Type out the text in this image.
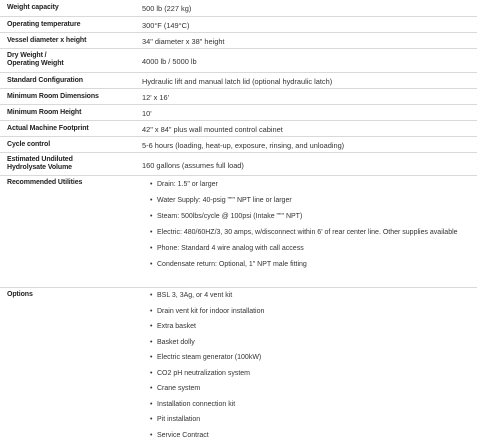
Weight capacity	500 lb (227 kg)
Operating temperature	300°F (149°C)
Vessel diameter x height	34" diameter x 38" height
Dry Weight /
Operating Weight	4000 lb / 5000 lb
Standard Configuration	Hydraulic lift and manual latch lid (optional hydraulic latch)
Minimum Room Dimensions	12' x 16'
Minimum Room Height	10'
Actual Machine Footprint	42" x 84" plus wall mounted control cabinet
Cycle control	5-6 hours (loading, heat-up, exposure, rinsing, and unloading)
Estimated Undiluted
Hydrolysate Volume	160 gallons (assumes full load)
Recommended Utilities	• Drain: 1.5" or larger
• Water Supply: 40-psig """ NPT line or larger
• Steam: 500lbs/cycle @ 100psi (Intake """ NPT)
• Electric: 480/60HZ/3, 30 amps, w/disconnect within 6' of rear center line. Other supplies available
• Phone: Standard 4 wire analog with call access
• Condensate return: Optional, 1" NPT male fitting
Options	• BSL 3, 3Ag, or 4 vent kit
• Drain vent kit for indoor installation
• Extra basket
• Basket dolly
• Electric steam generator (100kW)
• CO2 pH neutralization system
• Crane system
• Installation connection kit
• Pit installation
• Service Contract
